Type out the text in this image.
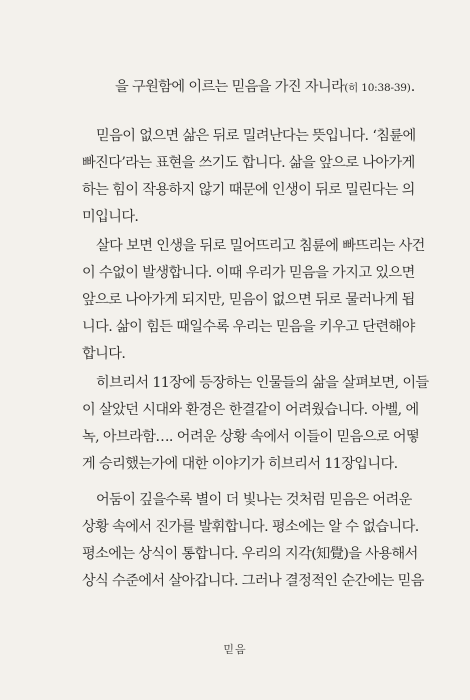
을 구원함에 이르는 믿음을 가진 자니라(히 10:38-39).
믿음이 없으면 삶은 뒤로 밀려난다는 뜻입니다. ‘침륜에
빠진다’라는 표현을 쓰기도 합니다. 삶을 앞으로 나아가게
하는 힘이 작용하지 않기 때문에 인생이 뒤로 밀린다는 의
미입니다.
살다 보면 인생을 뒤로 밀어뜨리고 침륜에 빠뜨리는 사건
이 수없이 발생합니다. 이때 우리가 믿음을 가지고 있으면
앞으로 나아가게 되지만, 믿음이 없으면 뒤로 물러나게 됩
니다. 삶이 힘든 때일수록 우리는 믿음을 키우고 단련해야
합니다.
히브리서 11장에 등장하는 인물들의 삶을 살펴보면, 이들
이 살았던 시대와 환경은 한결같이 어려웠습니다. 아벨, 에
녹, 아브라함…. 어려운 상황 속에서 이들이 믿음으로 어떻
게 승리했는가에 대한 이야기가 히브리서 11장입니다.
어둠이 깊을수록 별이 더 빛나는 것처럼 믿음은 어려운
상황 속에서 진가를 발휘합니다. 평소에는 알 수 없습니다.
평소에는 상식이 통합니다. 우리의 지각(知覺)을 사용해서
상식 수준에서 살아갑니다. 그러나 결정적인 순간에는 믿음
믿음
